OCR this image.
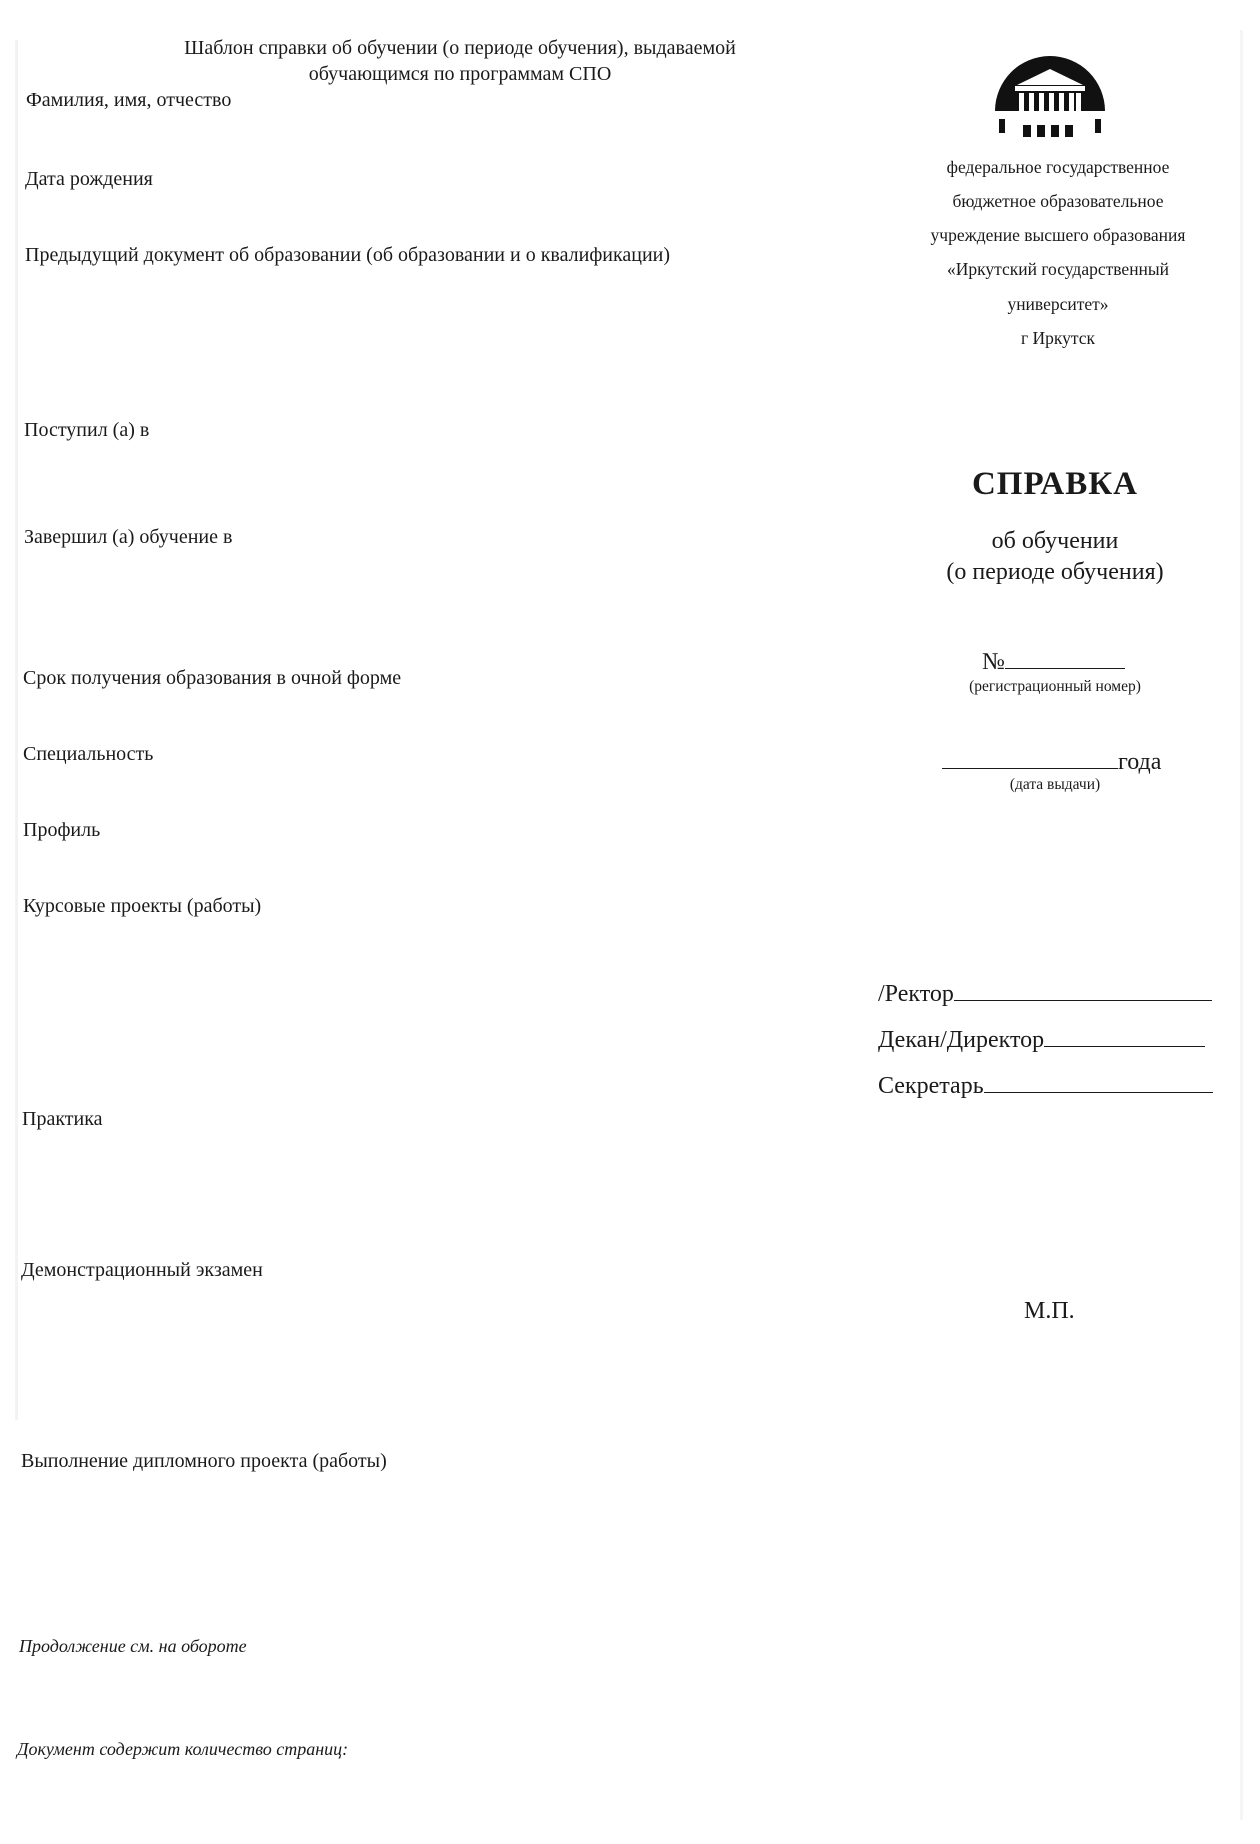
Шаблон справки об обучении (о периоде обучения), выдаваемой
обучающимся по программам СПО
Фамилия, имя, отчество
Дата рождения
Предыдущий документ об образовании (об образовании и о квалификации)
Поступил (а) в
Завершил (а) обучение в
Срок получения образования в очной форме
Специальность
Профиль
Курсовые проекты (работы)
Практика
Демонстрационный экзамен
Выполнение дипломного проекта (работы)
федеральное государственное
бюджетное образовательное
учреждение высшего образования
«Иркутский государственный
университет»
г Иркутск
СПРАВКА
об обучении
(о периоде обучения)
№
(регистрационный номер)
года
(дата выдачи)
/Ректор
Декан/Директор
Секретарь
М.П.
Продолжение см. на обороте
Документ содержит количество страниц:
